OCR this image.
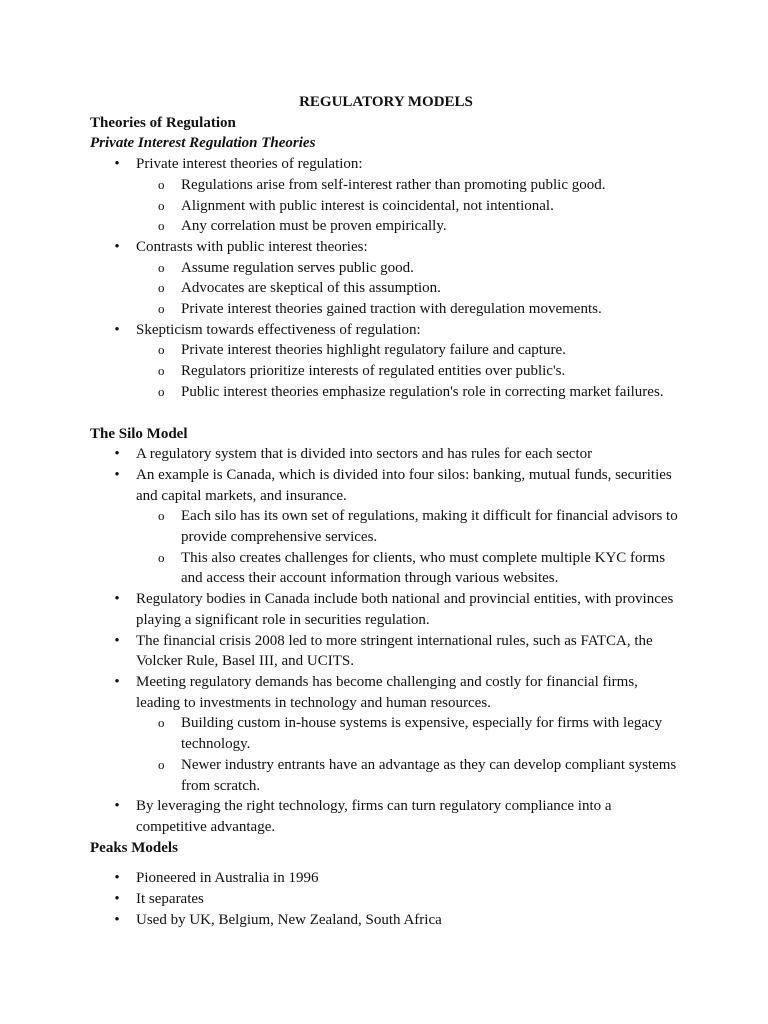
REGULATORY MODELS

Theories of Regulation

Private Interest Regulation Theories

• Private interest theories of regulation:
o Regulations arise from self-interest rather than promoting public good.
o Alignment with public interest is coincidental, not intentional.
o Any correlation must be proven empirically.
• Contrasts with public interest theories:
o Assume regulation serves public good.
o Advocates are skeptical of this assumption.
o Private interest theories gained traction with deregulation movements.
• Skepticism towards effectiveness of regulation:
o Private interest theories highlight regulatory failure and capture.
o Regulators prioritize interests of regulated entities over public's.
o Public interest theories emphasize regulation's role in correcting market failures.

The Silo Model

• A regulatory system that is divided into sectors and has rules for each sector
• An example is Canada, which is divided into four silos: banking, mutual funds, securities and capital markets, and insurance.
o Each silo has its own set of regulations, making it difficult for financial advisors to provide comprehensive services.
o This also creates challenges for clients, who must complete multiple KYC forms and access their account information through various websites.
• Regulatory bodies in Canada include both national and provincial entities, with provinces playing a significant role in securities regulation.
• The financial crisis 2008 led to more stringent international rules, such as FATCA, the Volcker Rule, Basel III, and UCITS.
• Meeting regulatory demands has become challenging and costly for financial firms, leading to investments in technology and human resources.
o Building custom in-house systems is expensive, especially for firms with legacy technology.
o Newer industry entrants have an advantage as they can develop compliant systems from scratch.
• By leveraging the right technology, firms can turn regulatory compliance into a competitive advantage.

Peaks Models

• Pioneered in Australia in 1996
• It separates
• Used by UK, Belgium, New Zealand, South Africa
